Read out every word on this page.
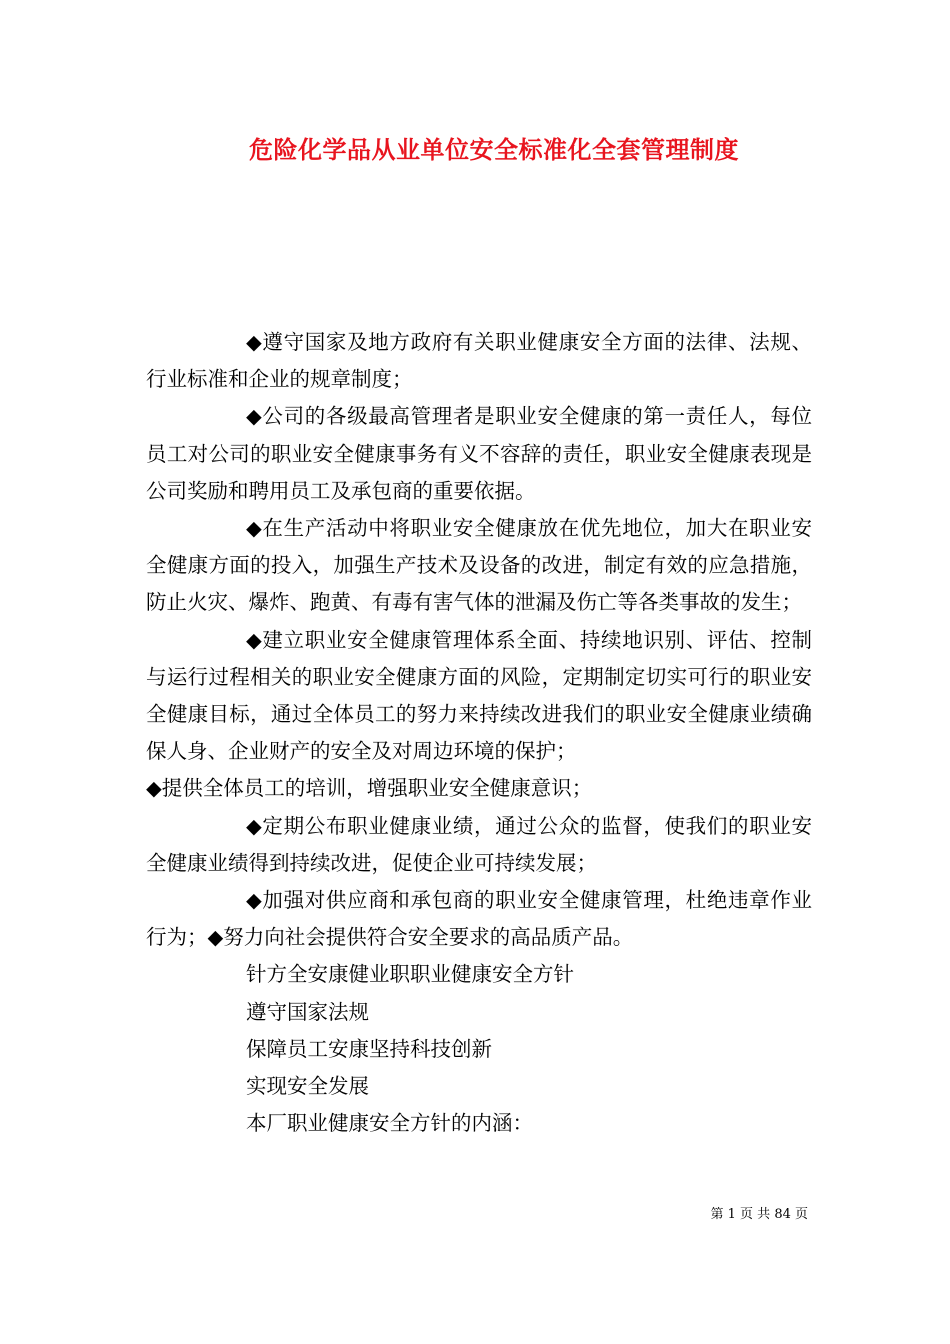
危险化学品从业单位安全标准化全套管理制度

◆遵守国家及地方政府有关职业健康安全方面的法律、法规、行业标准和企业的规章制度；

◆公司的各级最高管理者是职业安全健康的第一责任人，每位员工对公司的职业安全健康事务有义不容辞的责任，职业安全健康表现是公司奖励和聘用员工及承包商的重要依据。

◆在生产活动中将职业安全健康放在优先地位，加大在职业安全健康方面的投入，加强生产技术及设备的改进，制定有效的应急措施，防止火灾、爆炸、跑黄、有毒有害气体的泄漏及伤亡等各类事故的发生；

◆建立职业安全健康管理体系全面、持续地识别、评估、控制与运行过程相关的职业安全健康方面的风险，定期制定切实可行的职业安全健康目标，通过全体员工的努力来持续改进我们的职业安全健康业绩确保人身、企业财产的安全及对周边环境的保护；

◆提供全体员工的培训，增强职业安全健康意识；

◆定期公布职业健康业绩，通过公众的监督，使我们的职业安全健康业绩得到持续改进，促使企业可持续发展；

◆加强对供应商和承包商的职业安全健康管理，杜绝违章作业行为；◆努力向社会提供符合安全要求的高品质产品。

针方全安康健业职职业健康安全方针

遵守国家法规

保障员工安康坚持科技创新

实现安全发展

本厂职业健康安全方针的内涵：

第 1 页 共 84 页
